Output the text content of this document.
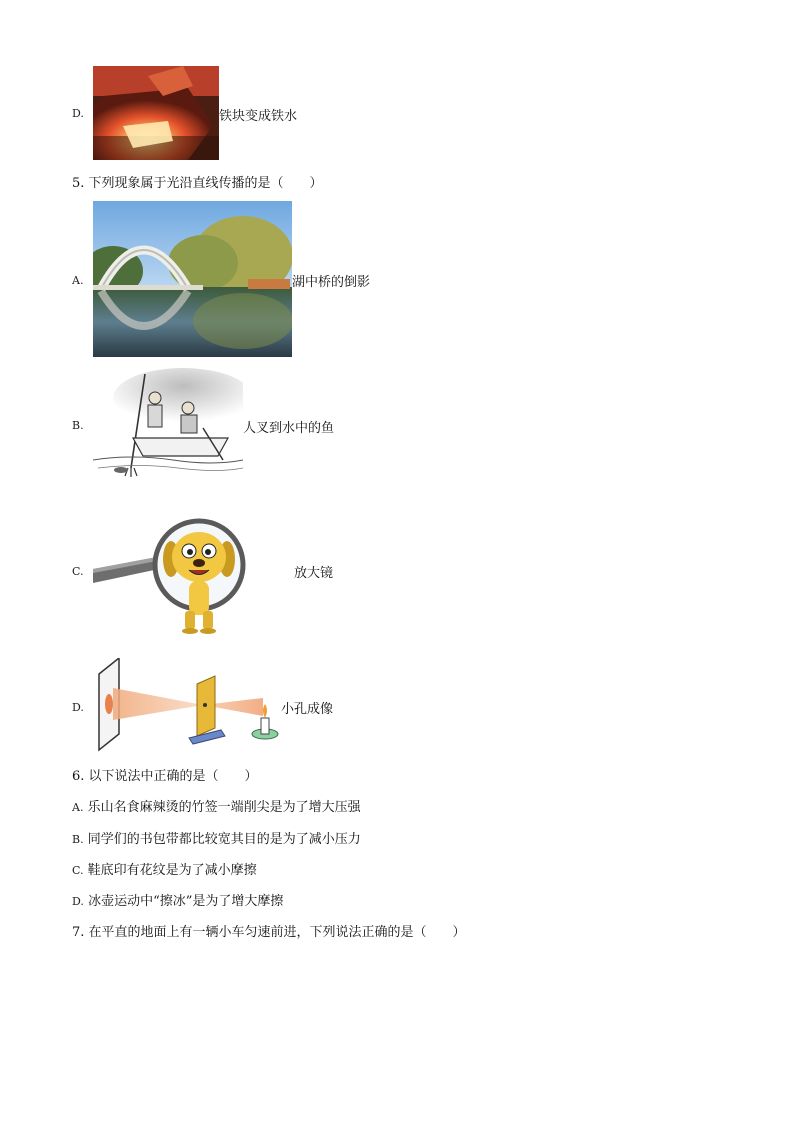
D.	铁块变成铁水
5. 下列现象属于光沿直线传播的是（　　）
A.	湖中桥的倒影
B.	人叉到水中的鱼
C.	放大镜
D.	小孔成像
6. 以下说法中正确的是（　　）
A. 乐山名食麻辣烫的竹签一端削尖是为了增大压强
B. 同学们的书包带都比较宽其目的是为了减小压力
C. 鞋底印有花纹是为了减小摩擦
D. 冰壶运动中“擦冰”是为了增大摩擦
7. 在平直的地面上有一辆小车匀速前进，下列说法正确的是（　　）
